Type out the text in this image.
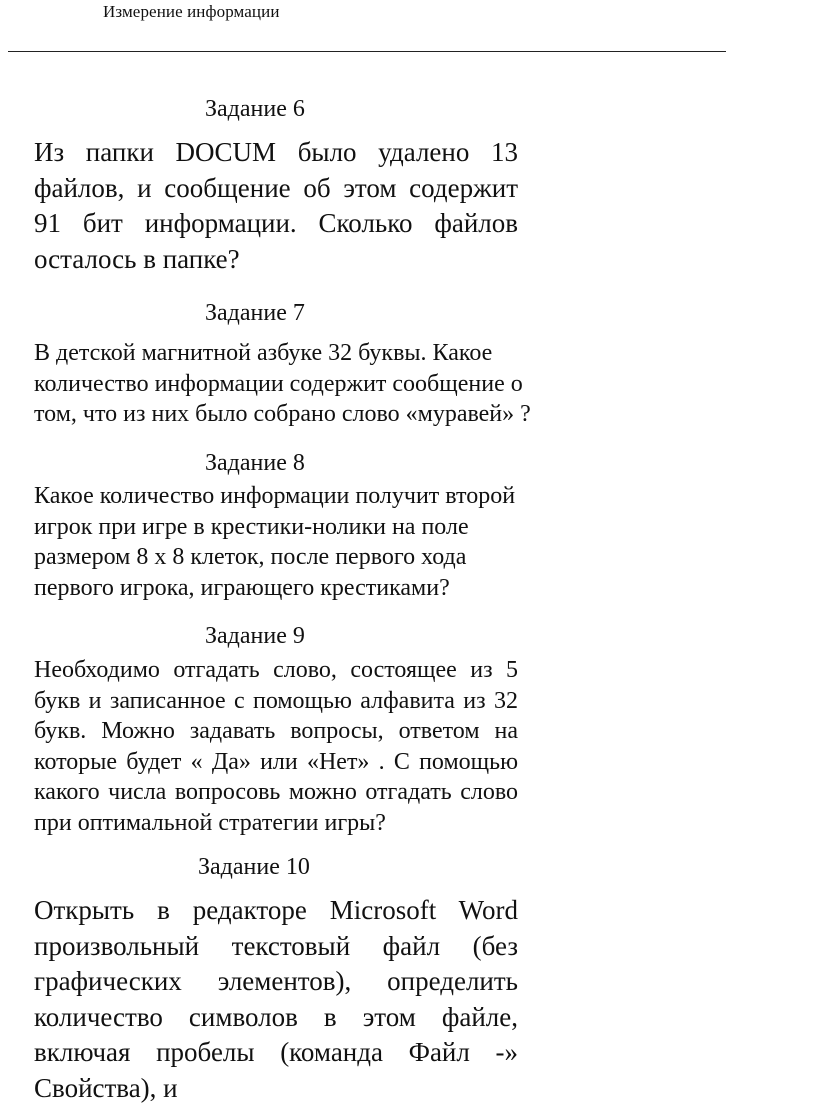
Измерение информации
Задание 6
Из папки DOCUM было удалено 13 файлов, и сообщение об этом содержит 91 бит информации. Сколько файлов осталось в папке?
Задание 7
В детской магнитной азбуке 32 буквы. Какое количество информации содержит сообщение о том, что из них было собрано слово «муравей» ?
Задание 8
Какое количество информации получит второй игрок при игре в крестики-нолики на поле размером 8 х 8 клеток, после первого хода первого игрока, играющего крестиками?
Задание 9
Необходимо отгадать слово, состоящее из 5 букв и записанное с помощью алфавита из 32 букв. Можно задавать вопросы, ответом на которые будет « Да» или «Нет» . С помощью какого числа вопросовь можно отгадать слово при оптимальной стратегии игры?
Задание 10
Открыть в редакторе Microsoft Word произвольный текстовый файл (без графических элементов), определить количество символов в этом файле, включая пробелы (команда Файл -» Свойства), и
